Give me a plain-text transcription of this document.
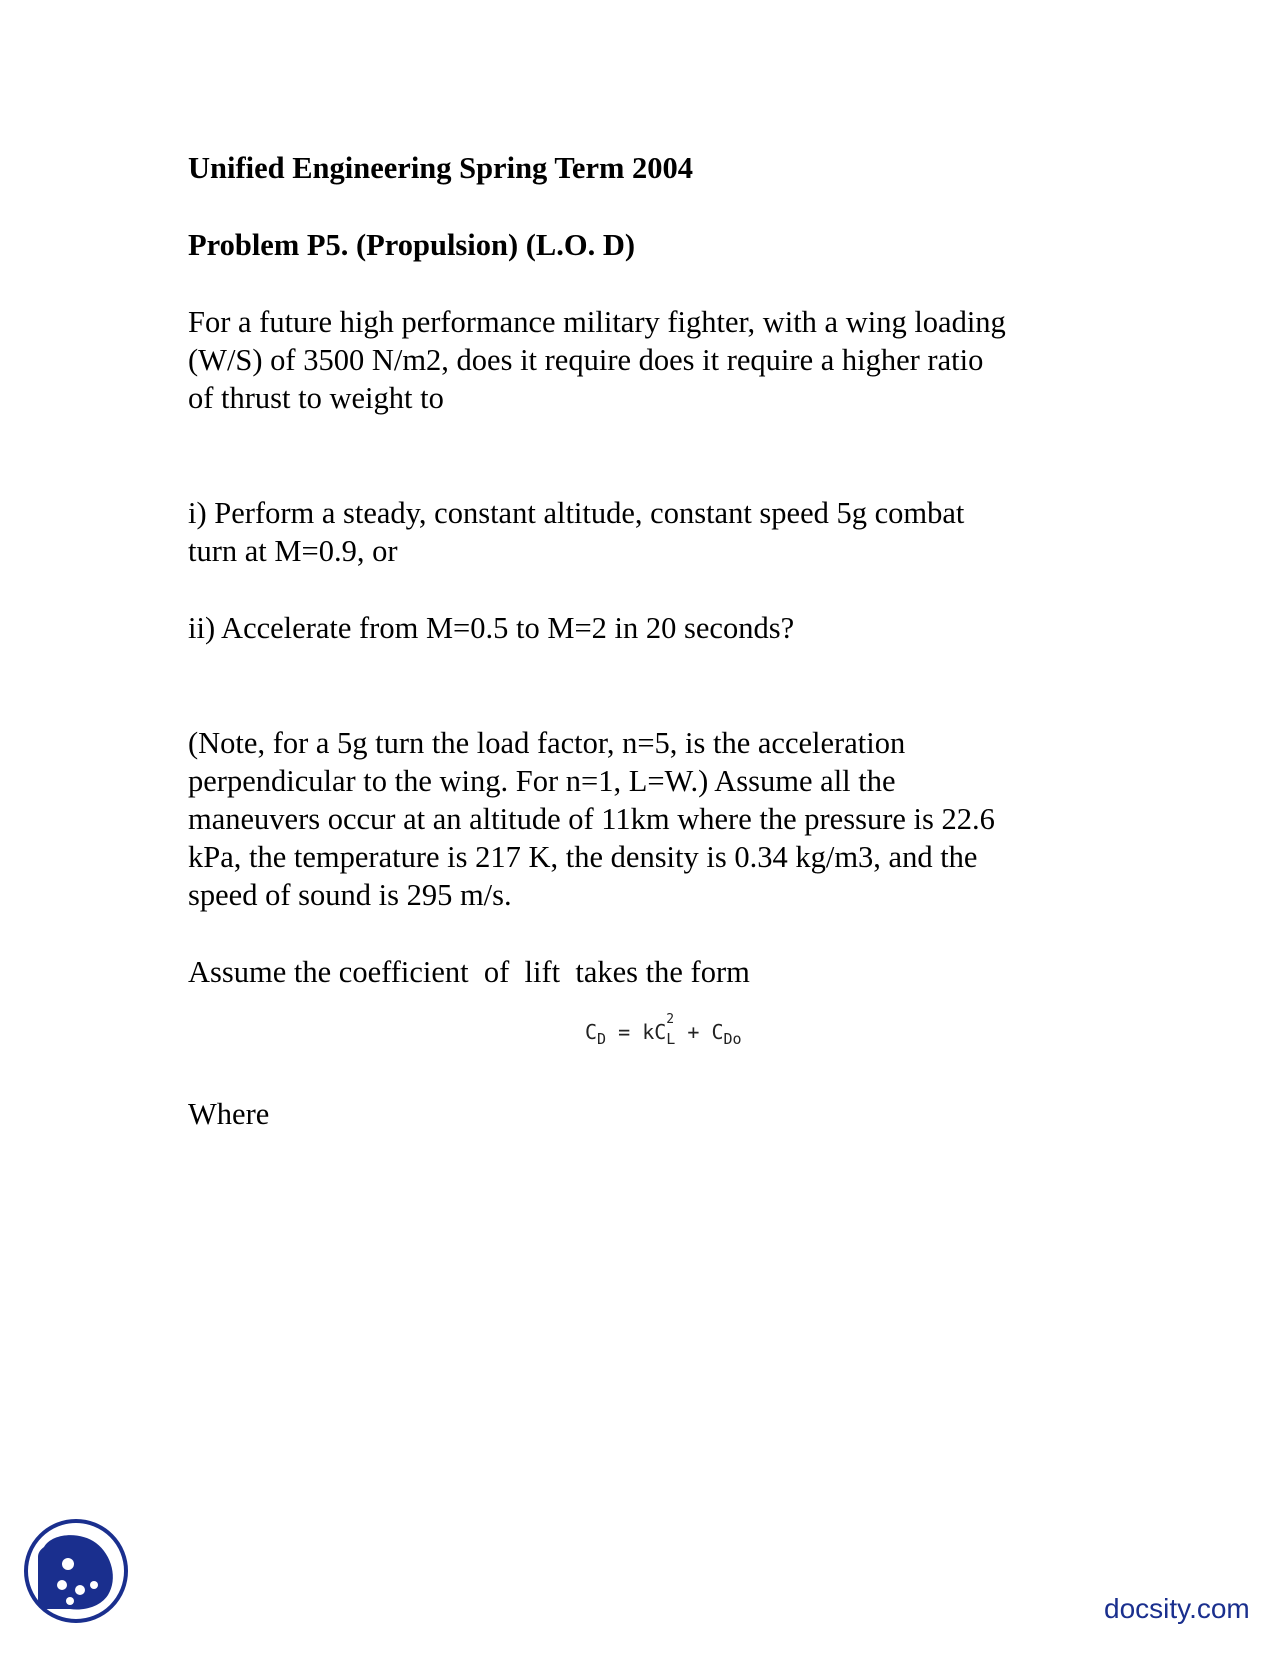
Unified Engineering Spring Term 2004

Problem P5. (Propulsion) (L.O. D)

For a future high performance military fighter, with a wing loading

(W/S) of 3500 N/m2, does it require does it require a higher ratio

of thrust to weight to

i) Perform a steady, constant altitude, constant speed 5g combat

turn at M=0.9, or

ii) Accelerate from M=0.5 to M=2 in 20 seconds?

(Note, for a 5g turn the load factor, n=5, is the acceleration

perpendicular to the wing. For n=1, L=W.) Assume all the

maneuvers occur at an altitude of 11km where the pressure is 22.6

kPa, the temperature is 217 K, the density is 0.34 kg/m3, and the

speed of sound is 295 m/s.

Assume the coefficient  of  lift  takes the form

$C_D$ = kC
2
$_L + C_{Do}$

Where

docsity.com
